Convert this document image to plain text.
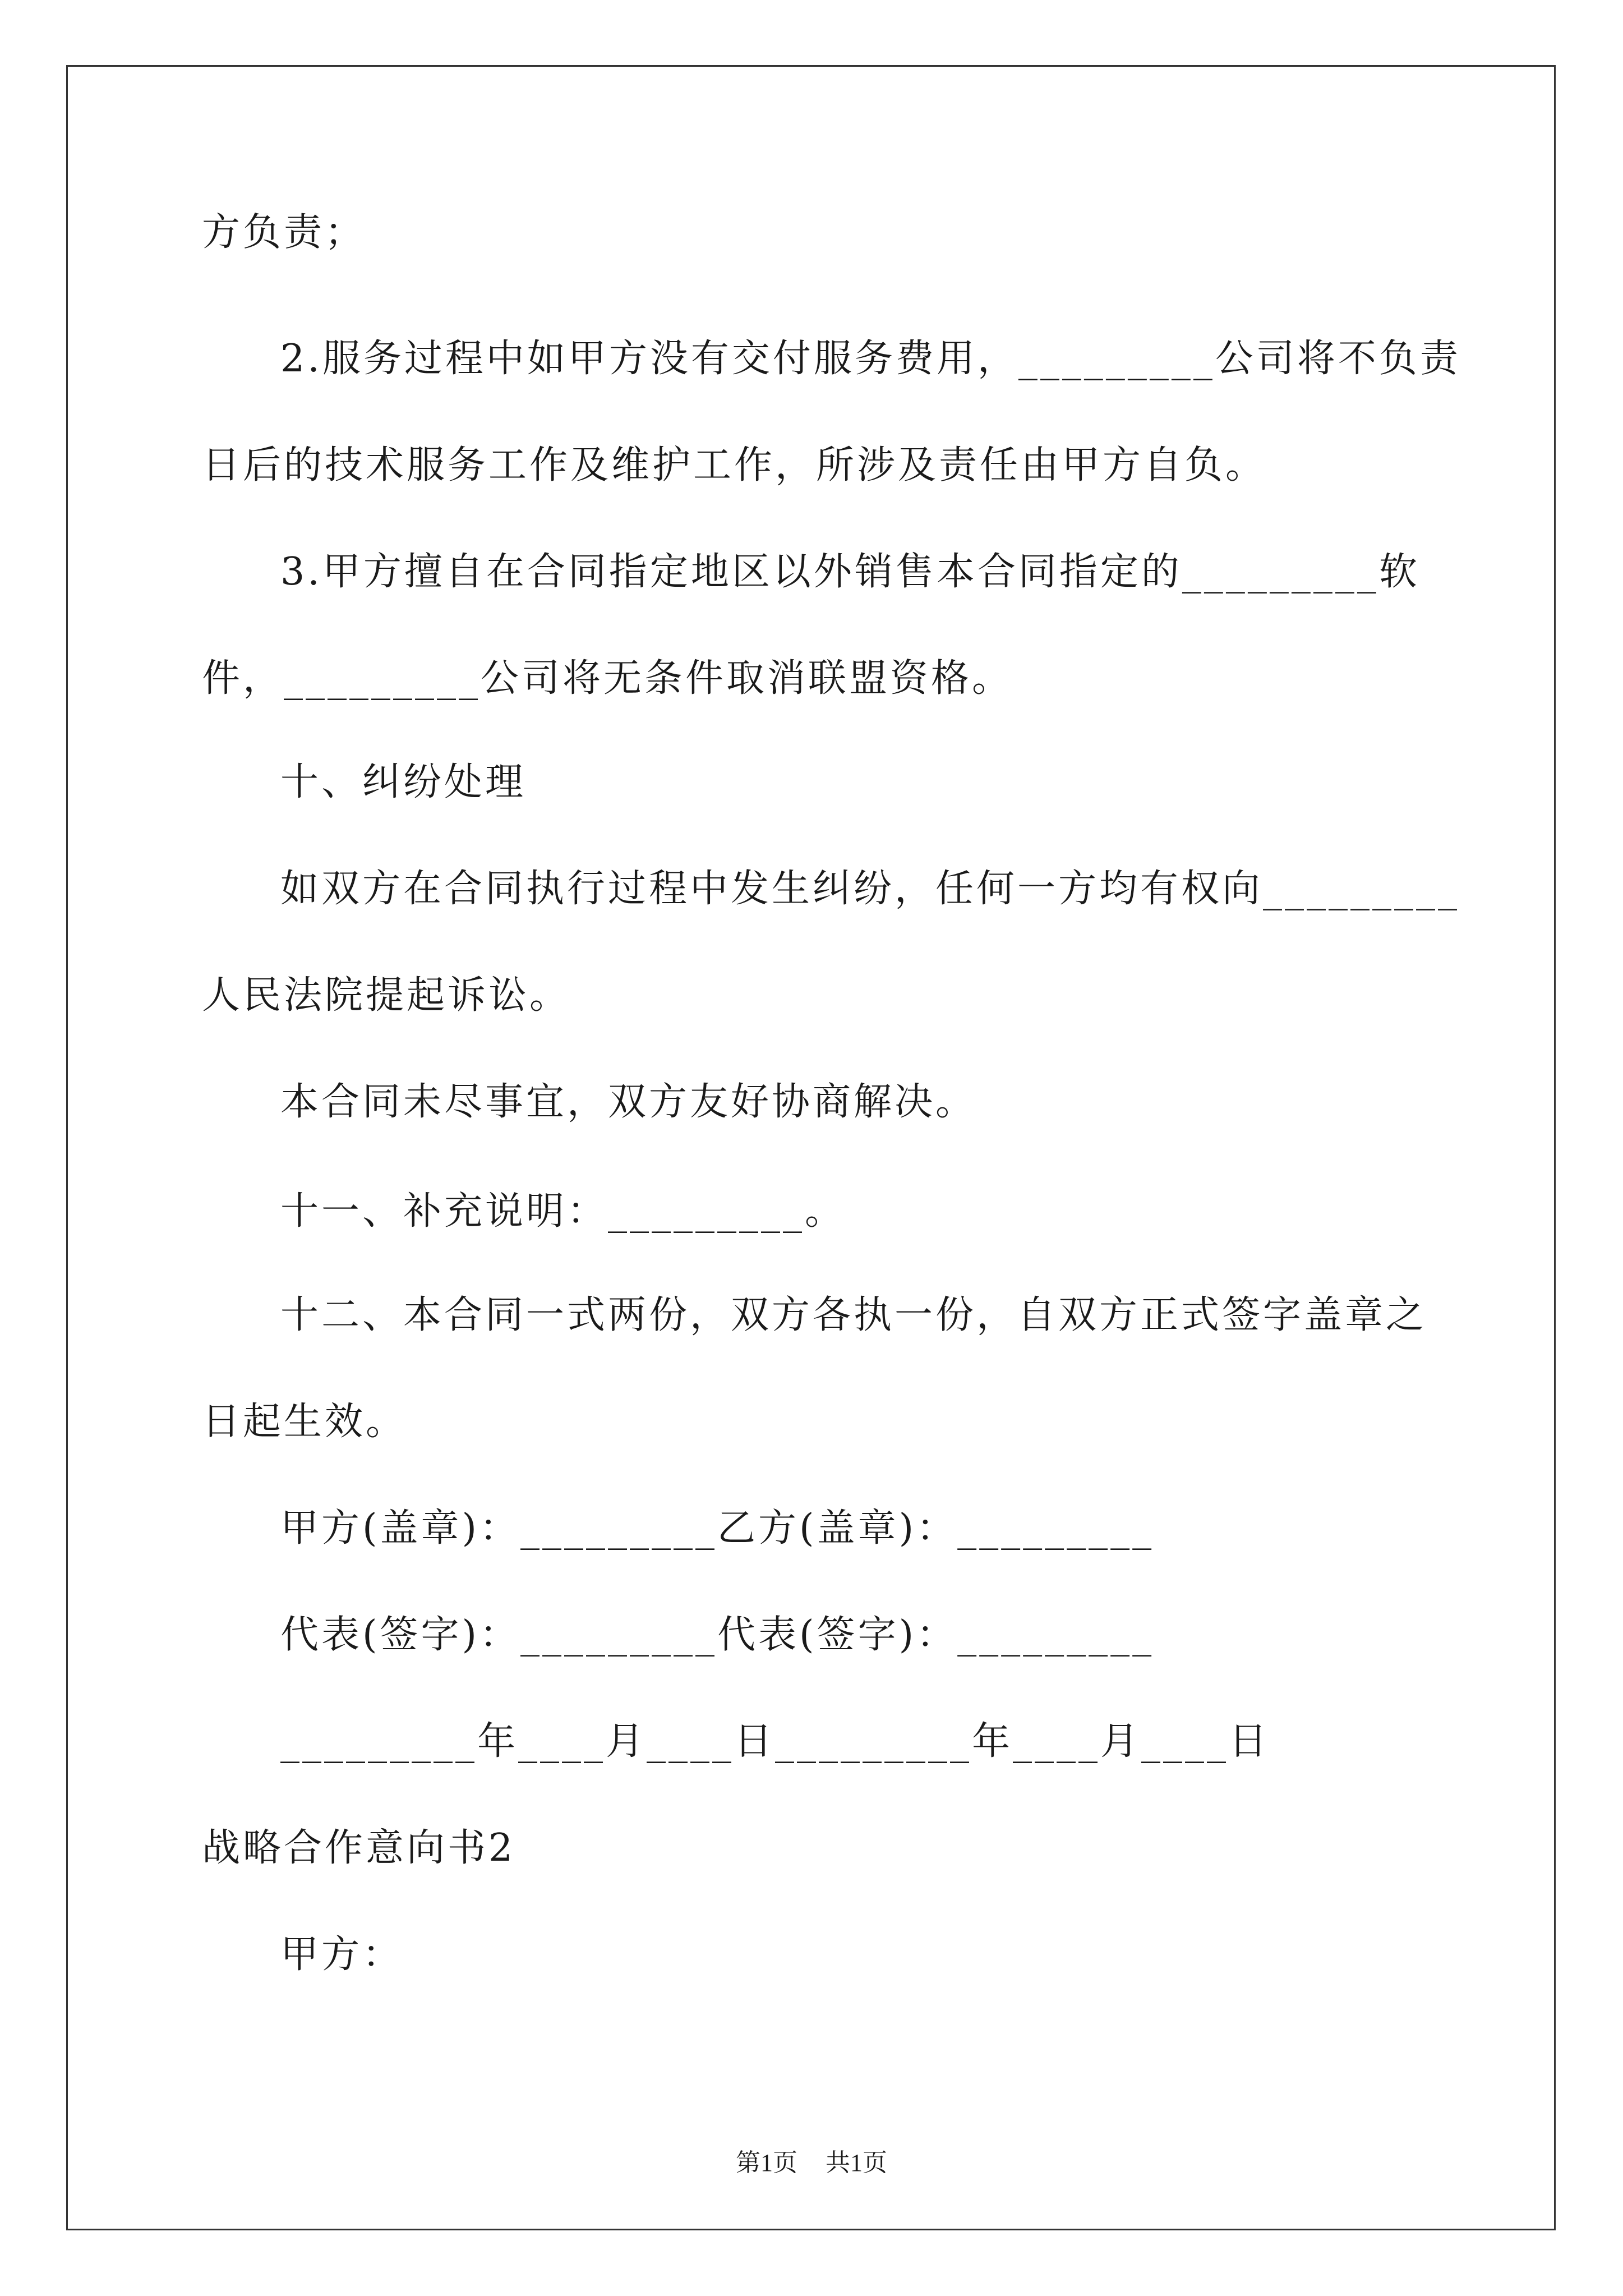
方负责；
2.服务过程中如甲方没有交付服务费用，_________公司将不负责
日后的技术服务工作及维护工作，所涉及责任由甲方自负。
3.甲方擅自在合同指定地区以外销售本合同指定的_________软
件，_________公司将无条件取消联盟资格。
十、纠纷处理
如双方在合同执行过程中发生纠纷，任何一方均有权向_________
人民法院提起诉讼。
本合同未尽事宜，双方友好协商解决。
十一、补充说明：_________。
十二、本合同一式两份，双方各执一份，自双方正式签字盖章之
日起生效。
甲方(盖章)：_________乙方(盖章)：_________
代表(签字)：_________代表(签字)：_________
_________年____月____日_________年____月____日
战略合作意向书2
甲方：
第1页 共1页
